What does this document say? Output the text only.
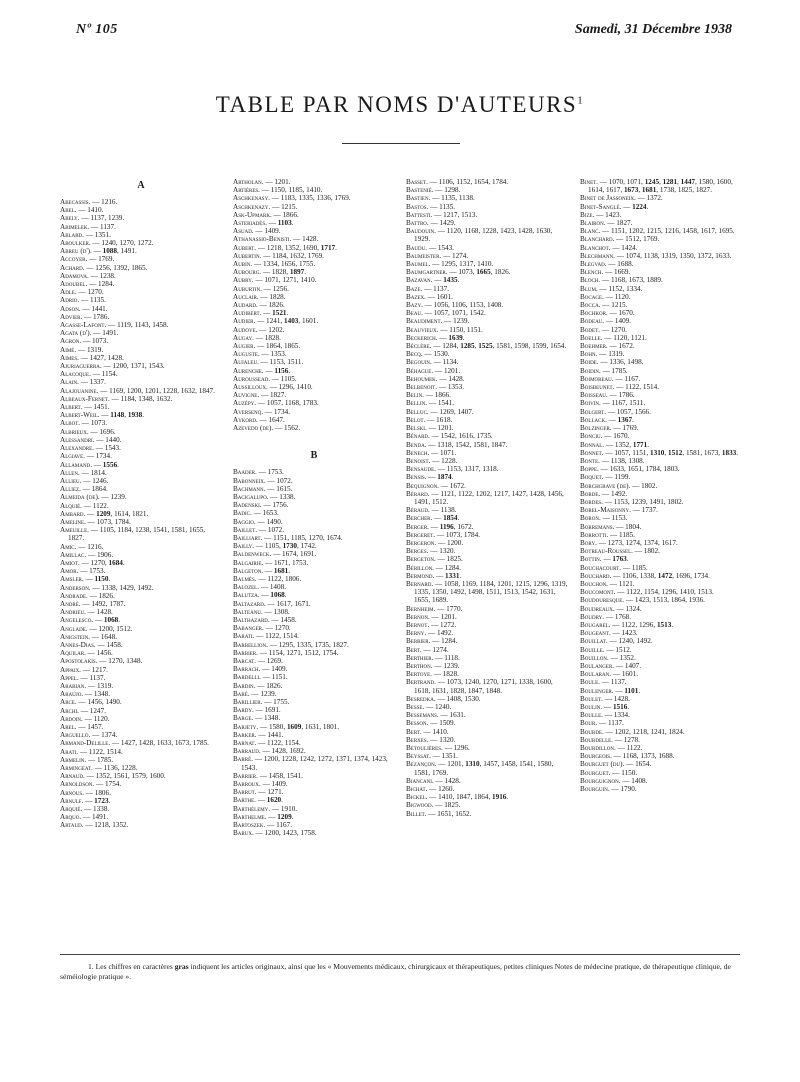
Nº 105	Samedi, 31 Décembre 1938
TABLE PAR NOMS D'AUTEURS$^1$
A
Abecassis. — 1216.
Abel. — 1410.
Abely. — 1137, 1239.
Abimelek. — 1137.
Ablard. — 1351.
Aboulker. — 1240, 1270, 1272.
Abreu (d'). — 1088, 1491.
Accoyer. — 1769.
Achard. — 1256, 1392, 1865.
Adamova. — 1238.
Adoubel. — 1284.
Adle. — 1270.
Adrio. — 1135.
Adson. — 1441.
Advier. — 1786.
Agasse-Lafont. — 1119, 1143, 1458.
Agata (d'). — 1491.
Agron. — 1073.
Aimé. — 1319.
Aimes. — 1427, 1428.
Ajuriaguerra. — 1200, 1371, 1543.
Alacoque. — 1154.
Alain. — 1337.
Alajouanine. — 1169, 1200, 1201, 1228, 1632, 1847.
Albeaux-Fernet. — 1184, 1348, 1632.
Albert. — 1451.
Albert-Weil. — 1148, 1938.
Albot. — 1073.
Albrieux. — 1696.
Alessandri. — 1440.
Alexandre. — 1543.
Algiave. — 1734.
Allamand. — 1556.
Allen. — 1814.
Allieu. — 1246.
Alliez. — 1864.
Almeida (de). — 1239.
Alquié. — 1122.
Ambard. — 1209, 1614, 1821.
Ameline. — 1073, 1784.
Ameuille. — 1105, 1184, 1238, 1541, 1581, 1655, 1827.
Amic. — 1216.
Amillac. — 1906.
Amiot. — 1270, 1684.
Amor. — 1753.
Amsler. — 1150.
Anderson. — 1338, 1429, 1492.
Andrade. — 1826.
André. — 1492, 1787.
Andrieu. — 1428.
Angelesco. — 1068.
Anglade. — 1200, 1512.
Anigstein. — 1648.
Annes-Dias. — 1458.
Aquilar. — 1456.
Apostolakis. — 1270, 1348.
Appaix. — 1217.
Appel. — 1137.
Arabian. — 1319.
Araújo. — 1348.
Arce. — 1456, 1490.
Archi. — 1247.
Ardoin. — 1120.
Arel. — 1457.
Arguello. — 1374.
Armand-Delille. — 1427, 1428, 1633, 1673, 1785.
Arati. — 1122, 1514.
Armelin. — 1785.
Armingeat. — 1136, 1228.
Arnaud. — 1352, 1561, 1579, 1600.
Arnoldson. — 1754.
Arnous. — 1806.
Arnulf. — 1723.
Arquié. — 1338.
Arquo. — 1491.
Artaud. — 1218, 1352.
Artholan. — 1201.
Artières. — 1150, 1185, 1410.
Aschkenasy. — 1183, 1335, 1336, 1769.
Aschkenazy. — 1215.
Ask-Upmark. — 1866.
Asteriadès. — 1103.
Asuad. — 1409.
Athanassio-Benisti. — 1428.
Aubert. — 1218, 1352, 1690, 1717.
Aubertin. — 1184, 1632, 1769.
Aubin. — 1334, 1656, 1755.
Aubourg. — 1828, 1897.
Aubry. — 1071, 1271, 1410.
Auburtin. — 1256.
Auclair. — 1828.
Audard. — 1826.
Audibert. — 1521.
Audier. — 1241, 1403, 1601.
Audoye. — 1202.
Augay. — 1828.
Augier. — 1864, 1865.
Auguste. — 1353.
Aujaleu. — 1153, 1511.
Aurenche. — 1156.
Auroussead. — 1105.
Aussilloux. — 1296, 1410.
Auvigne. — 1827.
Auzépy. — 1057, 1168, 1783.
Aversenq. — 1734.
Aykord. — 1647.
Azevedo (de). — 1562.
B
Baader. — 1753.
Babonneix. — 1072.
Bachmann. — 1615.
Bacigalupo. — 1338.
Badenski. — 1756.
Badic. — 1653.
Baggio. — 1490.
Baillet. — 1072.
Bailliart. — 1151, 1185, 1270, 1674.
Bailly. — 1105, 1730, 1742.
Baldenweck. — 1674, 1691.
Balgairie. — 1671, 1753.
Balgeton. — 1681.
Balmès. — 1122, 1806.
Balozel. — 1408.
Balutza. — 1068.
Baltazard. — 1617, 1671.
Balteanu. — 1308.
Balthazard. — 1458.
Babanger. — 1270.
Barati. — 1122, 1514.
Barbellion. — 1295, 1335, 1735, 1827.
Barbier. — 1154, 1271, 1512, 1754.
Barcat. — 1269.
Barrach. — 1409.
Bardelli. — 1151.
Bardin. — 1826.
Baré. — 1239.
Barillier. — 1755.
Bardy. — 1691.
Barge. — 1348.
Barjety. — 1580, 1609, 1631, 1801.
Barker. — 1441.
Barnat. — 1122, 1154.
Barraud. — 1428, 1692.
Barré. — 1200, 1228, 1242, 1272, 1371, 1374, 1423, 1543.
Barrier. — 1458, 1541.
Barroux. — 1409.
Barrut. — 1271.
Barthe. — 1620.
Barthélemy. — 1910.
Barthelme. — 1209.
Bartoszek. — 1167.
Barux. — 1200, 1423, 1758.
Basset. — 1106, 1152, 1654, 1784.
Bastenié. — 1298.
Bastien. — 1135, 1138.
Bastos. — 1135.
Battesti. — 1217, 1513.
Battro. — 1429.
Baudouin. — 1120, 1168, 1228, 1423, 1428, 1630, 1929.
Baudu. — 1543.
Baumeister. — 1274.
Baumel. — 1295, 1317, 1410.
Baumgartner. — 1073, 1665, 1826.
Bazavan. — 1435.
Baze. — 1137.
Bazex. — 1601.
Bazy. — 1056, 1106, 1153, 1408.
Beau. — 1057, 1071, 1542.
Beaudiment. — 1239.
Beauvieux. — 1150, 1151.
Beckerich. — 1639.
Béclère. — 1284, 1285, 1525, 1581, 1598, 1599, 1654.
Becq. — 1530.
Begouin. — 1134.
Béhague. — 1201.
Behoumek. — 1428.
Belbenoit. — 1353.
Belin. — 1866.
Bellin. — 1541.
Belluc. — 1269, 1407.
Belot. — 1618.
Belski. — 1201.
Bénard. — 1542, 1616, 1735.
Benda. — 1318, 1542, 1581, 1847.
Benech. — 1071.
Benoist. — 1228.
Bensaude. — 1153, 1317, 1318.
Bensis. — 1874.
Bequignon. — 1672.
Bérard. — 1121, 1122, 1202, 1217, 1427, 1428, 1456, 1491, 1512.
Béraud. — 1138.
Bercher. — 1854.
Berger. — 1196, 1672.
Bergeret. — 1073, 1784.
Bergeron. — 1200.
Berges. — 1320.
Bergeton. — 1825.
Bérillon. — 1284.
Bermond. — 1331.
Bernard. — 1058, 1169, 1184, 1201, 1215, 1296, 1319, 1335, 1350, 1492, 1498, 1511, 1513, 1542, 1631, 1655, 1689.
Bernheim. — 1770.
Bernon. — 1201.
Bernot. — 1272.
Berny. — 1492.
Berrier. — 1284.
Bert. — 1274.
Berthier. — 1118.
Berthon. — 1239.
Bertoye. — 1828.
Bertrand. — 1073, 1240, 1270, 1271, 1338, 1600, 1618, 1631, 1828, 1847, 1848.
Besredka. — 1408, 1530.
Besse. — 1240.
Bessemans. — 1631.
Besson. — 1509.
Bert. — 1410.
Berxes. — 1320.
Betoulières. — 1296.
Beyssat. — 1351.
Bezançon. — 1201, 1310, 1457, 1458, 1541, 1580, 1581, 1769.
Biancani. — 1428.
Bichat. — 1260.
Bickel. — 1410, 1847, 1864, 1916.
Bigwood. — 1825.
Billet. — 1651, 1652.
Binet. — 1070, 1071, 1245, 1281, 1447, 1580, 1600, 1614, 1617, 1673, 1681, 1738, 1825, 1827.
Binet de Jassoneix. — 1372.
Binet-Sanglé. — 1224.
Bize. — 1423.
Blairon. — 1827.
Blanc. — 1151, 1202, 1215, 1216, 1458, 1617, 1695.
Blanchard. — 1512, 1769.
Blanchot. — 1424.
Blechmann. — 1074, 1138, 1319, 1350, 1372, 1633.
Blegvad. — 1688.
Blench. — 1669.
Bloch. — 1168, 1673, 1889.
Blum. — 1152, 1334.
Bocage. — 1120.
Bocca. — 1215.
Bochkor. — 1670.
Bodeau. — 1409.
Bodet. — 1270.
Boelle. — 1120, 1121.
Boehmer. — 1672.
Bohn. — 1319.
Boide. — 1336, 1498.
Boidin. — 1785.
Boimoreau. — 1167.
Boisbeunet. — 1122, 1514.
Boisseau. — 1786.
Boivin. — 1167, 1511.
Bolgert. — 1057, 1566.
Bollack. — 1367.
Bolzinger. — 1769.
Bonciu. — 1670.
Bonnal. — 1352, 1771.
Bonnet. — 1057, 1151, 1310, 1512, 1581, 1673, 1833.
Bonte. — 1138, 1308.
Boppe. — 1633, 1651, 1784, 1803.
Boquet. — 1199.
Borchgrave (de). — 1802.
Borde. — 1492.
Bordes. — 1153, 1239, 1491, 1802.
Borel-Maisonny. — 1737.
Boron. — 1153.
Borremans. — 1804.
Borrotti. — 1185.
Bory. — 1273, 1274, 1374, 1617.
Botreau-Roussel. — 1802.
Bottin. — 1763.
Bouchacourt. — 1185.
Bouchard. — 1106, 1338, 1472, 1696, 1734.
Bouchon. — 1121.
Boucomont. — 1122, 1154, 1296, 1410, 1513.
Boudouresque. — 1423, 1513, 1864, 1936.
Boudreaux. — 1324.
Boudry. — 1768.
Bougarel. — 1122, 1296, 1513.
Bougeant. — 1423.
Bouillat. — 1240, 1492.
Bouille. — 1512.
Bouillon. — 1352.
Boulanger. — 1407.
Boularan. — 1601.
Boule. — 1137.
Boulenger. — 1101.
Boulet. — 1428.
Boulin. — 1516.
Boulle. — 1334.
Bour. — 1137.
Bourde. — 1202, 1218, 1241, 1824.
Bourdelle. — 1278.
Bourdillon. — 1122.
Bourgeois. — 1168, 1373, 1688.
Bourguet (du). — 1654.
Bourguet. — 1150.
Bourguignon. — 1408.
Bourguin. — 1790.
1. Les chiffres en caractères gras indiquent les articles originaux, ainsi que les « Mouvements médicaux, chirurgicaux et thérapeutiques, petites cliniques Notes de médecine pratique, de thérapeutique clinique, de séméiologie pratique ».
